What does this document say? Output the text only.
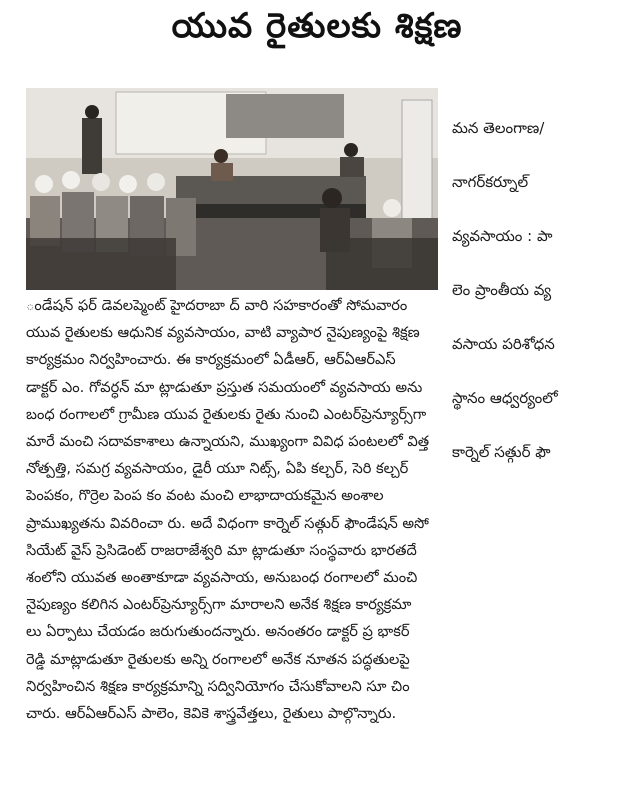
యువ రైతులకు శిక్షణ

మన తెలంగాణ/

నాగర్‌కర్నూల్

వ్యవసాయం : పా

లెం ప్రాంతీయ వ్య

వసాయ పరిశోధన

స్థానం ఆధ్వర్యంలో

కార్నెల్ సత్గుర్ ఫౌ

ండేషన్ ఫర్ డెవలప్మెంట్ హైదరాబా ద్ వారి సహకారంతో సోమవారం
యువ రైతులకు ఆధునిక వ్యవసాయం, వాటి వ్యాపార నైపుణ్యంపై శిక్షణ
కార్యక్రమం నిర్వహించారు. ఈ కార్యక్రమంలో ఏడీఆర్, ఆర్ఏఆర్ఎస్
డాక్టర్ ఎం. గోవర్ధన్ మా ట్లాడుతూ ప్రస్తుత సమయంలో వ్యవసాయ అను
బంధ రంగాలలో గ్రామీణ యువ రైతులకు రైతు నుంచి ఎంటర్‌ప్రెన్యూర్స్‌గా
మారే మంచి సదావకాశాలు ఉన్నాయని, ముఖ్యంగా వివిధ పంటలలో విత్త
నోత్పత్తి, సమగ్ర వ్యవసాయం, డైరీ యూ నిట్స్, ఏపి కల్చర్, సెరి కల్చర్
పెంపకం, గొర్రెల పెంప కం వంట మంచి లాభాదాయకమైన అంశాల
ప్రాముఖ్యతను వివరించా రు. అదే విధంగా కార్నెల్ సత్గుర్ ఫౌండేషన్ అసో
సియేట్ వైస్ ప్రెసిడెంట్ రాజరాజేశ్వరి మా ట్లాడుతూ సంస్థవారు భారతదే
శంలోని యువత అంతాకూడా వ్యవసాయ, అనుబంధ రంగాలలో మంచి
నైపుణ్యం కలిగిన ఎంటర్‌ప్రెన్యూర్స్‌గా మారాలని అనేక శిక్షణ కార్యక్రమా
లు ఏర్పాటు చేయడం జరుగుతుందన్నారు. అనంతరం డాక్టర్ ప్ర భాకర్
రెడ్డి మాట్లాడుతూ రైతులకు అన్ని రంగాలలో అనేక నూతన పద్ధతులపై
నిర్వహించిన శిక్షణ కార్యక్రమాన్ని సద్వినియోగం చేసుకోవాలని సూ చిం
చారు. ఆర్ఏఆర్ఎస్ పాలెం, కెవికె శాస్త్రవేత్తలు, రైతులు పాల్గొన్నారు.
